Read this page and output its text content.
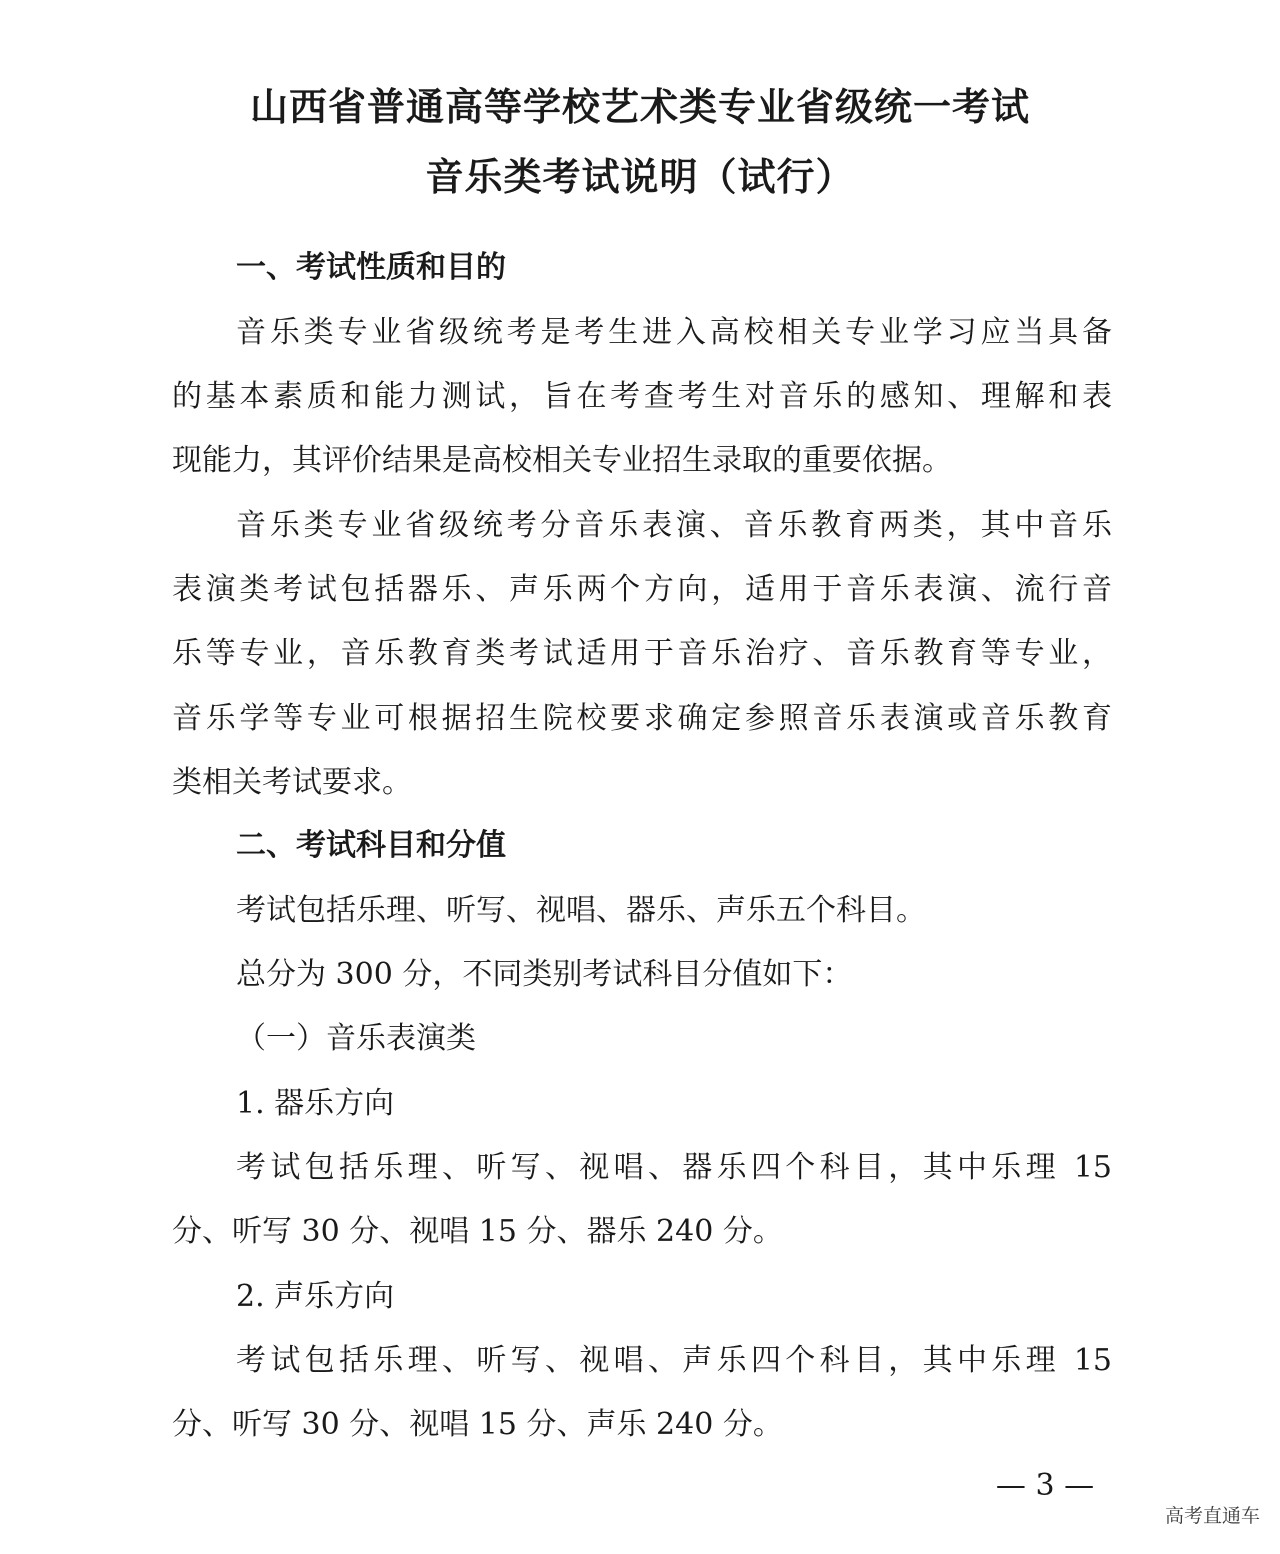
山西省普通高等学校艺术类专业省级统一考试
音乐类考试说明（试行）
一、考试性质和目的
音乐类专业省级统考是考生进入高校相关专业学习应当具备
的基本素质和能力测试，旨在考查考生对音乐的感知、理解和表
现能力，其评价结果是高校相关专业招生录取的重要依据。
音乐类专业省级统考分音乐表演、音乐教育两类，其中音乐
表演类考试包括器乐、声乐两个方向，适用于音乐表演、流行音
乐等专业，音乐教育类考试适用于音乐治疗、音乐教育等专业，
音乐学等专业可根据招生院校要求确定参照音乐表演或音乐教育
类相关考试要求。
二、考试科目和分值
考试包括乐理、听写、视唱、器乐、声乐五个科目。
总分为 300 分，不同类别考试科目分值如下：
（一）音乐表演类
1. 器乐方向
考试包括乐理、听写、视唱、器乐四个科目，其中乐理 15
分、听写 30 分、视唱 15 分、器乐 240 分。
2. 声乐方向
考试包括乐理、听写、视唱、声乐四个科目，其中乐理 15
分、听写 30 分、视唱 15 分、声乐 240 分。
— 3 —
高考直通车
